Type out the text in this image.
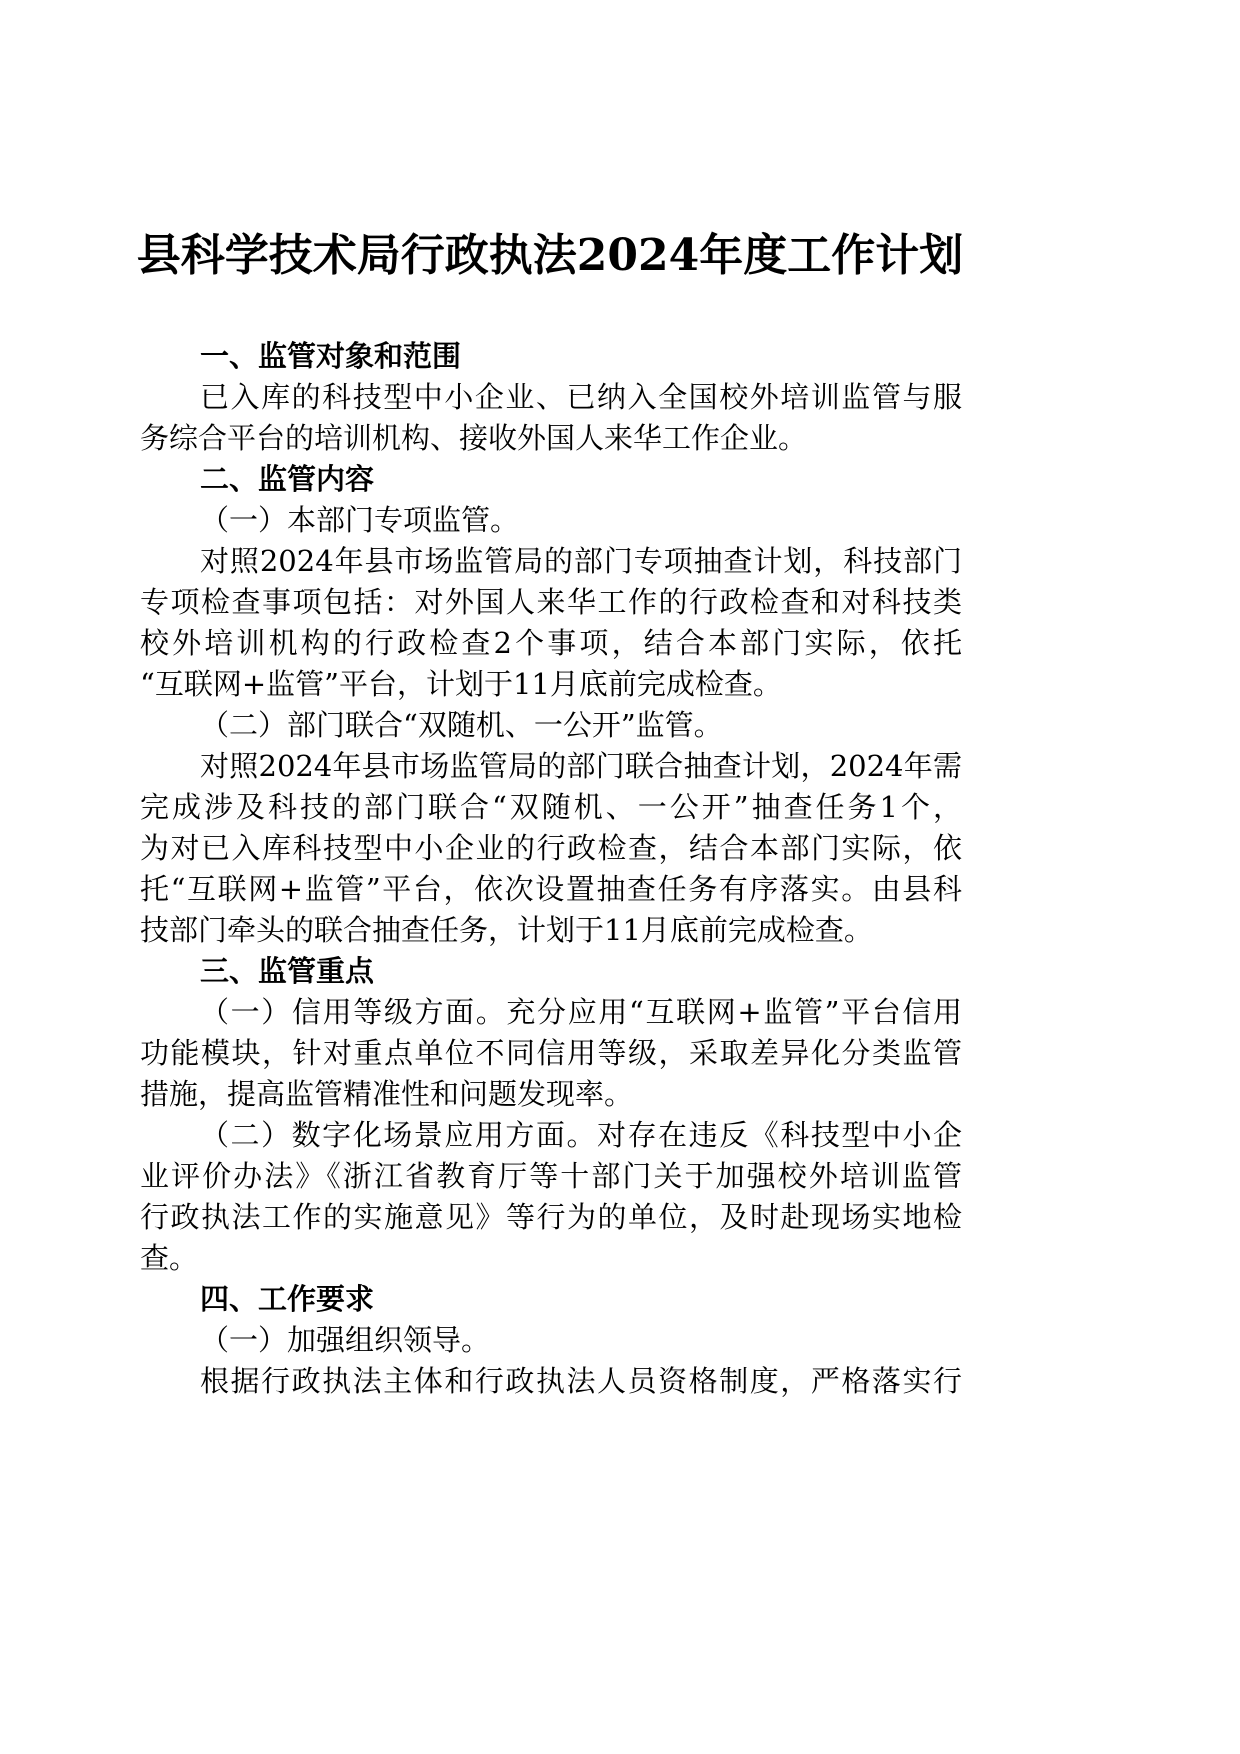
县科学技术局行政执法2024年度工作计划
一、监管对象和范围
已入库的科技型中小企业、已纳入全国校外培训监管与服
务综合平台的培训机构、接收外国人来华工作企业。
二、监管内容
（一）本部门专项监管。
对照2024年县市场监管局的部门专项抽查计划，科技部门
专项检查事项包括：对外国人来华工作的行政检查和对科技类
校外培训机构的行政检查2个事项，结合本部门实际，依托
“互联网+监管”平台，计划于11月底前完成检查。
（二）部门联合“双随机、一公开”监管。
对照2024年县市场监管局的部门联合抽查计划，2024年需
完成涉及科技的部门联合“双随机、一公开”抽查任务1个，
为对已入库科技型中小企业的行政检查，结合本部门实际，依
托“互联网+监管”平台，依次设置抽查任务有序落实。由县科
技部门牵头的联合抽查任务，计划于11月底前完成检查。
三、监管重点
（一）信用等级方面。充分应用“互联网+监管”平台信用
功能模块，针对重点单位不同信用等级，采取差异化分类监管
措施，提高监管精准性和问题发现率。
（二）数字化场景应用方面。对存在违反《科技型中小企
业评价办法》《浙江省教育厅等十部门关于加强校外培训监管
行政执法工作的实施意见》等行为的单位，及时赴现场实地检
查。
四、工作要求
（一）加强组织领导。
根据行政执法主体和行政执法人员资格制度，严格落实行
